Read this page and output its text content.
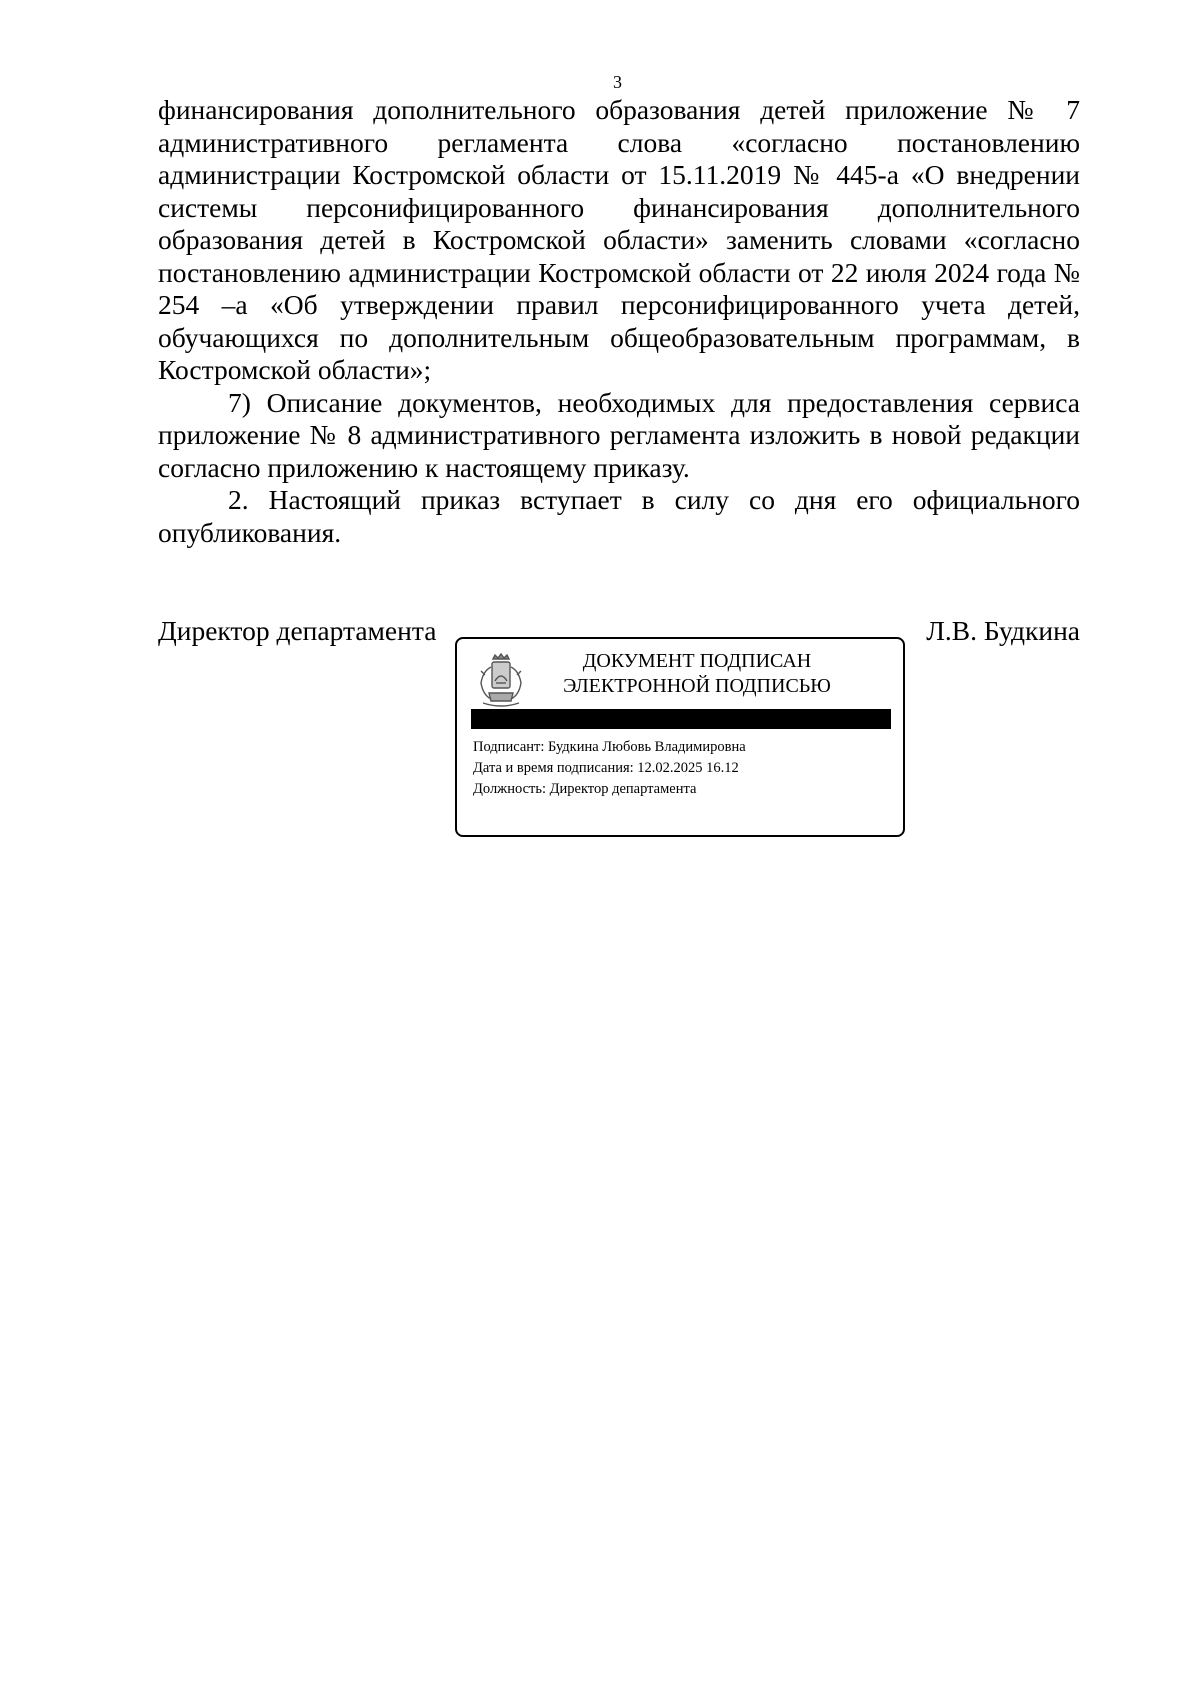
3

финансирования дополнительного образования детей приложение № 7 административного регламента слова «согласно постановлению администрации Костромской области от 15.11.2019 № 445-а «О внедрении системы персонифицированного финансирования дополнительного образования детей в Костромской области» заменить словами «согласно постановлению администрации Костромской области от 22 июля 2024 года № 254 –а «Об утверждении правил персонифицированного учета детей, обучающихся по дополнительным общеобразовательным программам, в Костромской области»;

7) Описание документов, необходимых для предоставления сервиса приложение № 8 административного регламента изложить в новой редакции согласно приложению к настоящему приказу.

2. Настоящий приказ вступает в силу со дня его официального опубликования.

Директор департамента	Л.В. Будкина
ДОКУМЕНТ ПОДПИСАН
ЭЛЕКТРОННОЙ ПОДПИСЬЮ
Подписант: Будкина Любовь Владимировна
Дата и время подписания: 12.02.2025 16.12
Должность: Директор департамента
